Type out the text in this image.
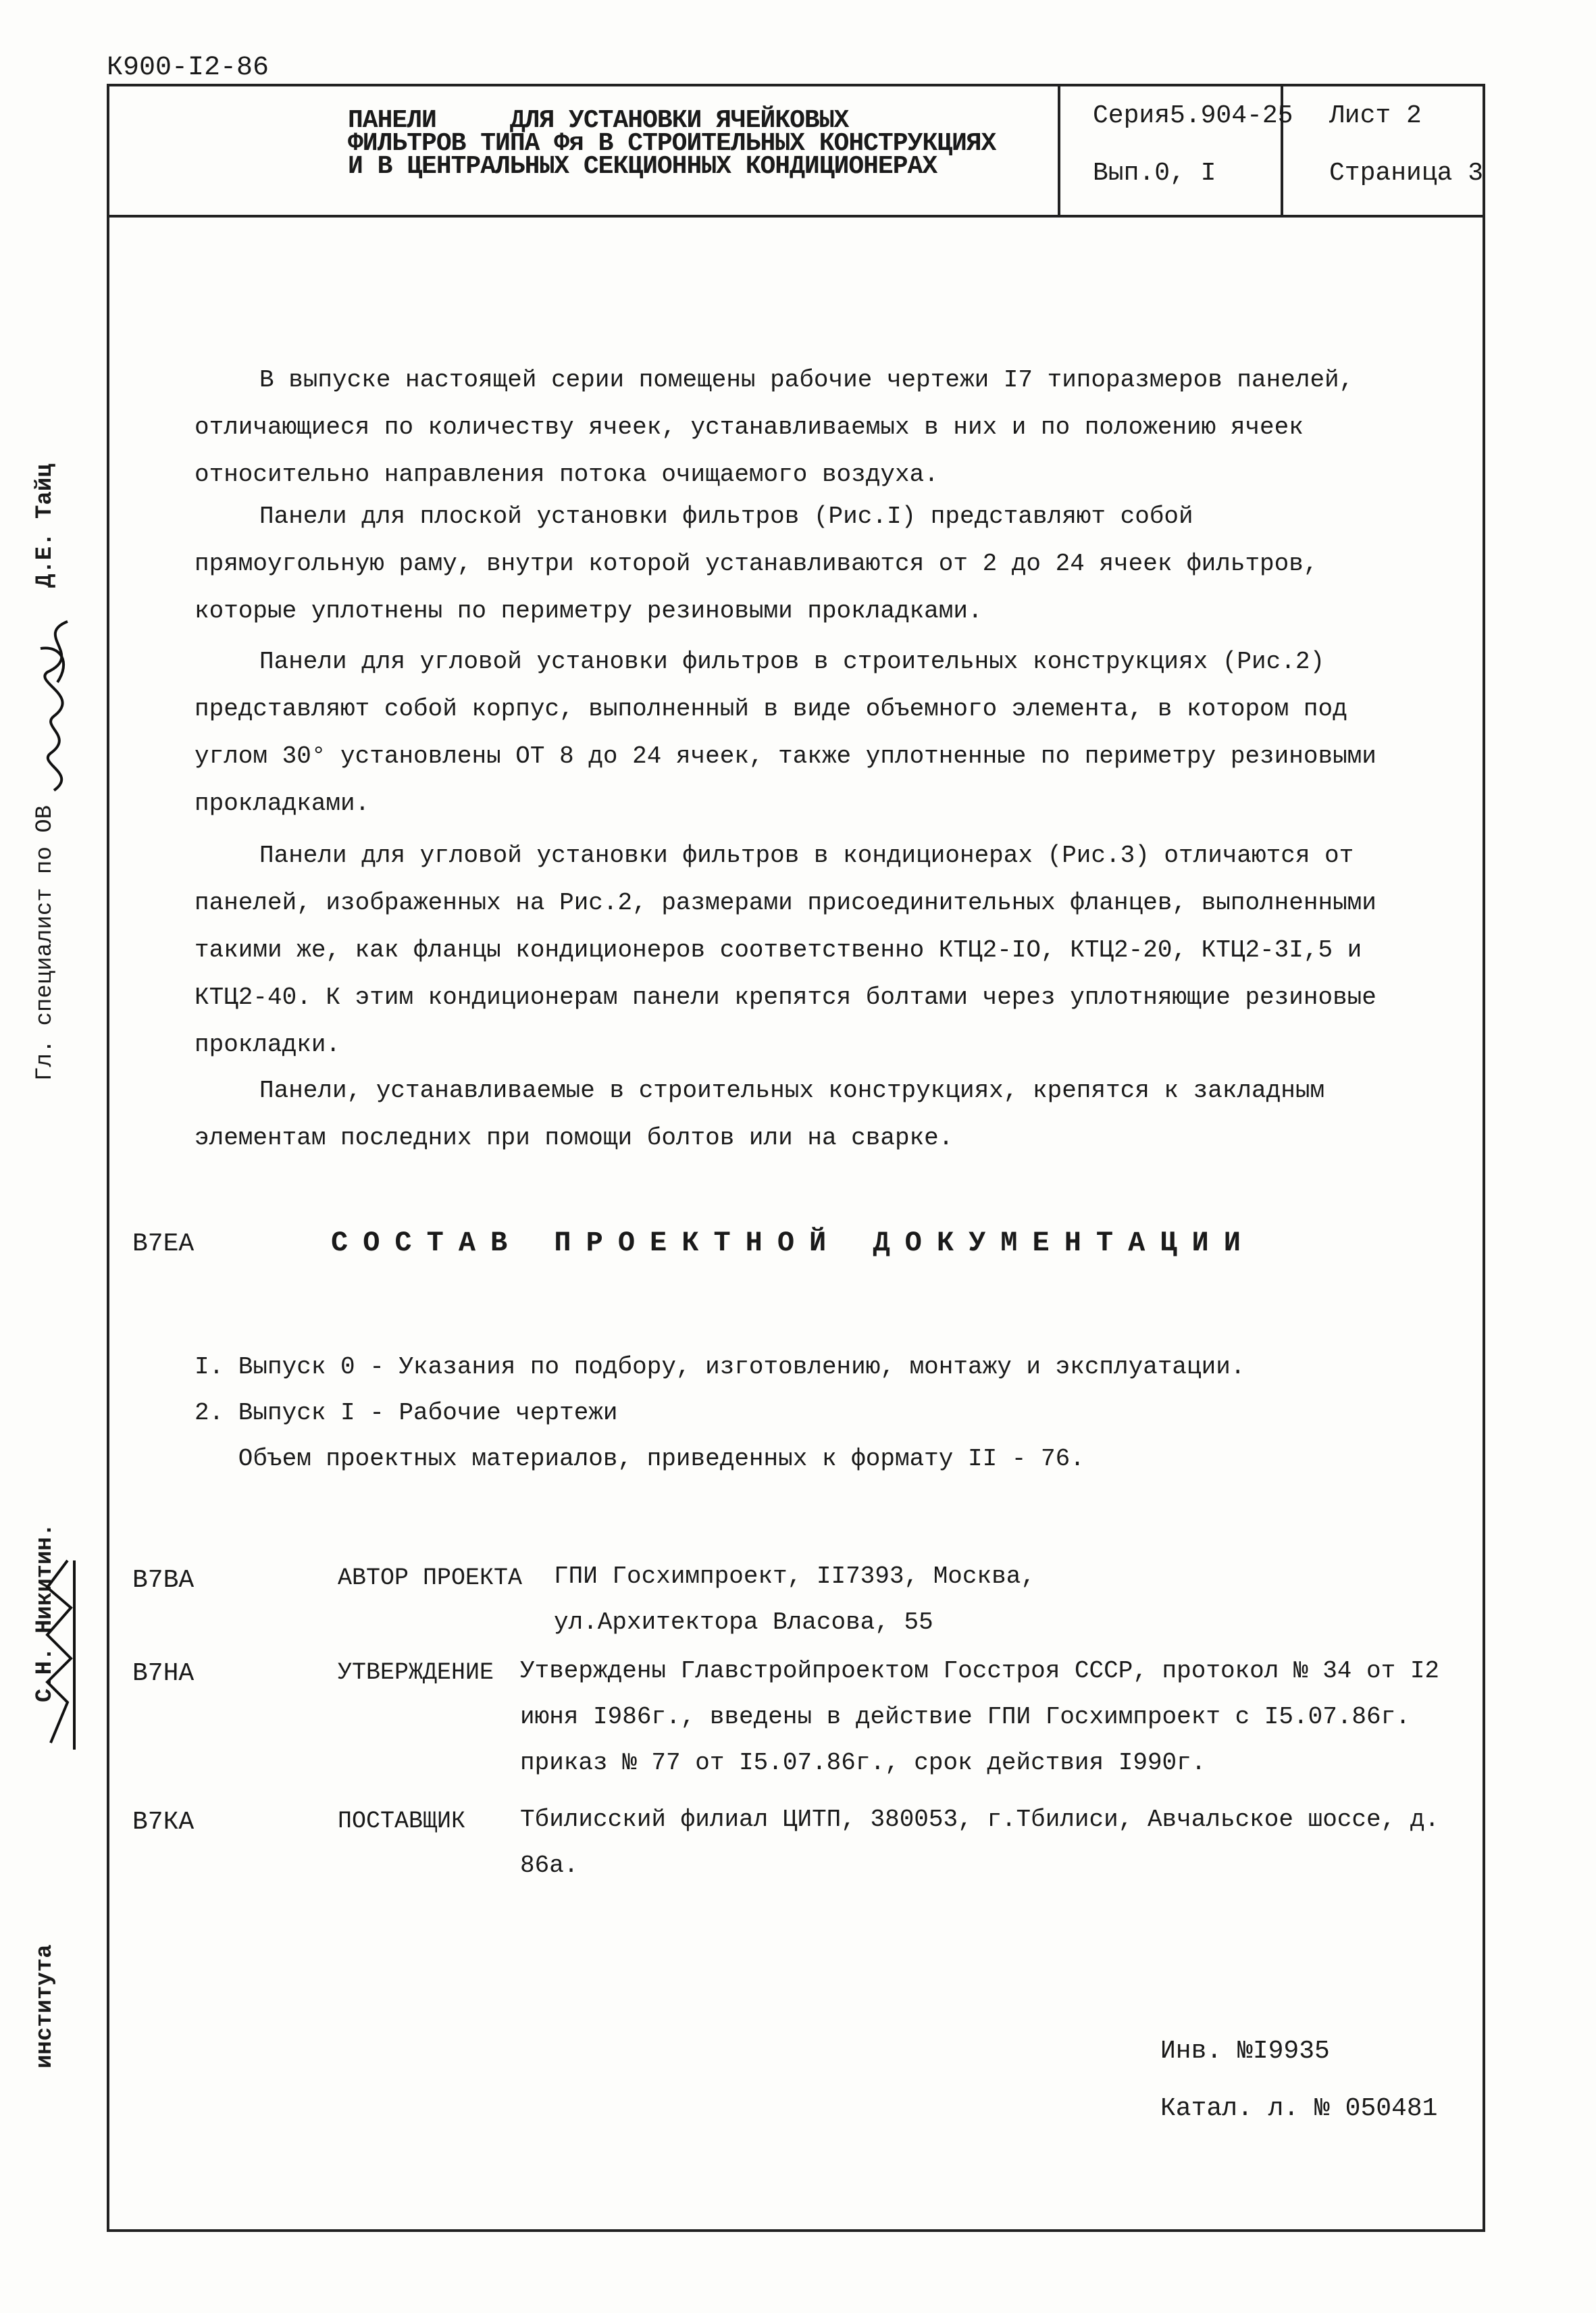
К900-I2-86
ПАНЕЛИ     ДЛЯ УСТАНОВКИ ЯЧЕЙКОВЫХ
ФИЛЬТРОВ ТИПА Фя В СТРОИТЕЛЬНЫХ КОНСТРУКЦИЯХ
И В ЦЕНТРАЛЬНЫХ СЕКЦИОННЫХ КОНДИЦИОНЕРАХ
Серия5.904-25
Вып.0, I
Лист 2
Страница 3

В выпуске настоящей серии помещены рабочие чертежи I7 типоразмеров панелей, отличающиеся по количеству ячеек, устанавливаемых в них и по положению ячеек относительно направления потока очищаемого воздуха.

Панели для плоской установки фильтров (Рис.I) представляют собой прямоугольную раму, внутри которой устанавливаются от 2 до 24 ячеек фильтров, которые уплотнены по периметру резиновыми прокладками.

Панели для угловой установки фильтров в строительных конструкциях (Рис.2) представляют собой корпус, выполненный в виде объемного элемента, в котором под углом 30° установлены ОТ 8 до 24 ячеек, также уплотненные по периметру резиновыми прокладками.

Панели для угловой установки фильтров в кондиционерах (Рис.3) отличаются от панелей, изображенных на Рис.2, размерами присоединительных фланцев, выполненными такими же, как фланцы кондиционеров соответственно КТЦ2-IО, КТЦ2-20, КТЦ2-3I,5 и КТЦ2-40. К этим кондиционерам панели крепятся болтами через уплотняющие резиновые прокладки.

Панели, устанавливаемые в строительных конструкциях, крепятся к закладным элементам последних при помощи болтов или на сварке.

В7ЕА	СОСТАВ ПРОЕКТНОЙ ДОКУМЕНТАЦИИ
I. Выпуск 0 - Указания по подбору, изготовлению, монтажу и эксплуатации.
2. Выпуск I - Рабочие чертежи
Объем проектных материалов, приведенных к формату II - 76.
В7ВА	АВТОР ПРОЕКТА ГПИ Госхимпроект, II7393, Москва, ул.Архитектора Власова, 55
В7НА	УТВЕРЖДЕНИЕ Утверждены Главстройпроектом Госстроя СССР, протокол № 34 от I2 июня I986г., введены в действие ГПИ Госхимпроект с I5.07.86г. приказ № 77 от I5.07.86г., срок действия I990г.
В7КА	ПОСТАВЩИК Тбилисский филиал ЦИТП, 380053, г.Тбилиси, Авчальское шоссе, д. 86а.
Инв. №I9935
Катал. л. № 050481
Гл. специалист по ОВ
Д.Е. Тайц
института
С.Н. Никитин.
